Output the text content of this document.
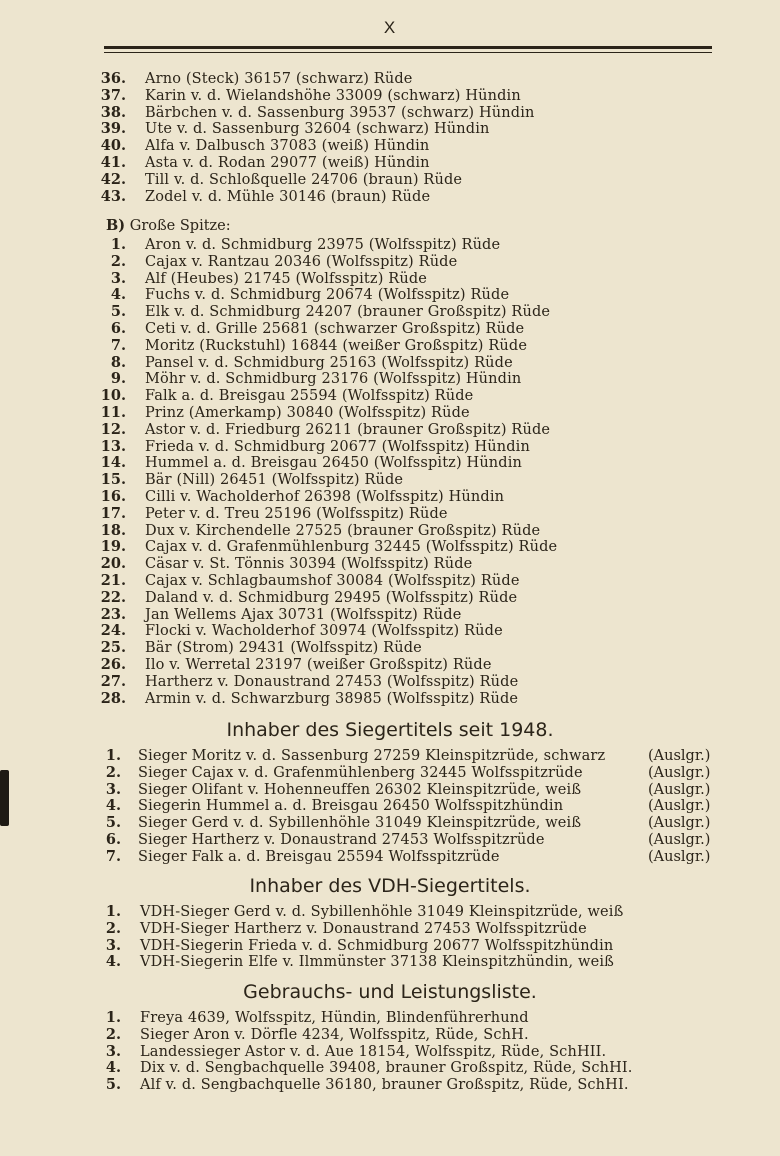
X
36. Arno (Steck) 36157 (schwarz) Rüde
37. Karin v. d. Wielandshöhe 33009 (schwarz) Hündin
38. Bärbchen v. d. Sassenburg 39537 (schwarz) Hündin
39. Ute v. d. Sassenburg 32604 (schwarz) Hündin
40. Alfa v. Dalbusch 37083 (weiß) Hündin
41. Asta v. d. Rodan 29077 (weiß) Hündin
42. Till v. d. Schloßquelle 24706 (braun) Rüde
43. Zodel v. d. Mühle 30146 (braun) Rüde
B) Große Spitze:
1. Aron v. d. Schmidburg 23975 (Wolfsspitz) Rüde
2. Cajax v. Rantzau 20346 (Wolfsspitz) Rüde
3. Alf (Heubes) 21745 (Wolfsspitz) Rüde
4. Fuchs v. d. Schmidburg 20674 (Wolfsspitz) Rüde
5. Elk v. d. Schmidburg 24207 (brauner Großspitz) Rüde
6. Ceti v. d. Grille 25681 (schwarzer Großspitz) Rüde
7. Moritz (Ruckstuhl) 16844 (weißer Großspitz) Rüde
8. Pansel v. d. Schmidburg 25163 (Wolfsspitz) Rüde
9. Möhr v. d. Schmidburg 23176 (Wolfsspitz) Hündin
10. Falk a. d. Breisgau 25594 (Wolfsspitz) Rüde
11. Prinz (Amerkamp) 30840 (Wolfsspitz) Rüde
12. Astor v. d. Friedburg 26211 (brauner Großspitz) Rüde
13. Frieda v. d. Schmidburg 20677 (Wolfsspitz) Hündin
14. Hummel a. d. Breisgau 26450 (Wolfsspitz) Hündin
15. Bär (Nill) 26451 (Wolfsspitz) Rüde
16. Cilli v. Wacholderhof 26398 (Wolfsspitz) Hündin
17. Peter v. d. Treu 25196 (Wolfsspitz) Rüde
18. Dux v. Kirchendelle 27525 (brauner Großspitz) Rüde
19. Cajax v. d. Grafenmühlenburg 32445 (Wolfsspitz) Rüde
20. Cäsar v. St. Tönnis 30394 (Wolfsspitz) Rüde
21. Cajax v. Schlagbaumshof 30084 (Wolfsspitz) Rüde
22. Daland v. d. Schmidburg 29495 (Wolfsspitz) Rüde
23. Jan Wellems Ajax 30731 (Wolfsspitz) Rüde
24. Flocki v. Wacholderhof 30974 (Wolfsspitz) Rüde
25. Bär (Strom) 29431 (Wolfsspitz) Rüde
26. Ilo v. Werretal 23197 (weißer Großspitz) Rüde
27. Hartherz v. Donaustrand 27453 (Wolfsspitz) Rüde
28. Armin v. d. Schwarzburg 38985 (Wolfsspitz) Rüde
Inhaber des Siegertitels seit 1948.
1. Sieger Moritz v. d. Sassenburg 27259 Kleinspitzrüde, schwarz	(Auslgr.)
2. Sieger Cajax v. d. Grafenmühlenberg 32445 Wolfsspitzrüde	(Auslgr.)
3. Sieger Olifant v. Hohenneuffen 26302 Kleinspitzrüde, weiß	(Auslgr.)
4. Siegerin Hummel a. d. Breisgau 26450 Wolfsspitzhündin	(Auslgr.)
5. Sieger Gerd v. d. Sybillenhöhle 31049 Kleinspitzrüde, weiß	(Auslgr.)
6. Sieger Hartherz v. Donaustrand 27453 Wolfsspitzrüde	(Auslgr.)
7. Sieger Falk a. d. Breisgau 25594 Wolfsspitzrüde	(Auslgr.)
Inhaber des VDH-Siegertitels.
1. VDH-Sieger Gerd v. d. Sybillenhöhle 31049 Kleinspitzrüde, weiß
2. VDH-Sieger Hartherz v. Donaustrand 27453 Wolfsspitzrüde
3. VDH-Siegerin Frieda v. d. Schmidburg 20677 Wolfsspitzhündin
4. VDH-Siegerin Elfe v. Ilmmünster 37138 Kleinspitzhündin, weiß
Gebrauchs- und Leistungsliste.
1. Freya 4639, Wolfsspitz, Hündin, Blindenführerhund
2. Sieger Aron v. Dörfle 4234, Wolfsspitz, Rüde, SchH.
3. Landessieger Astor v. d. Aue 18154, Wolfsspitz, Rüde, SchHII.
4. Dix v. d. Sengbachquelle 39408, brauner Großspitz, Rüde, SchHI.
5. Alf v. d. Sengbachquelle 36180, brauner Großspitz, Rüde, SchHI.
